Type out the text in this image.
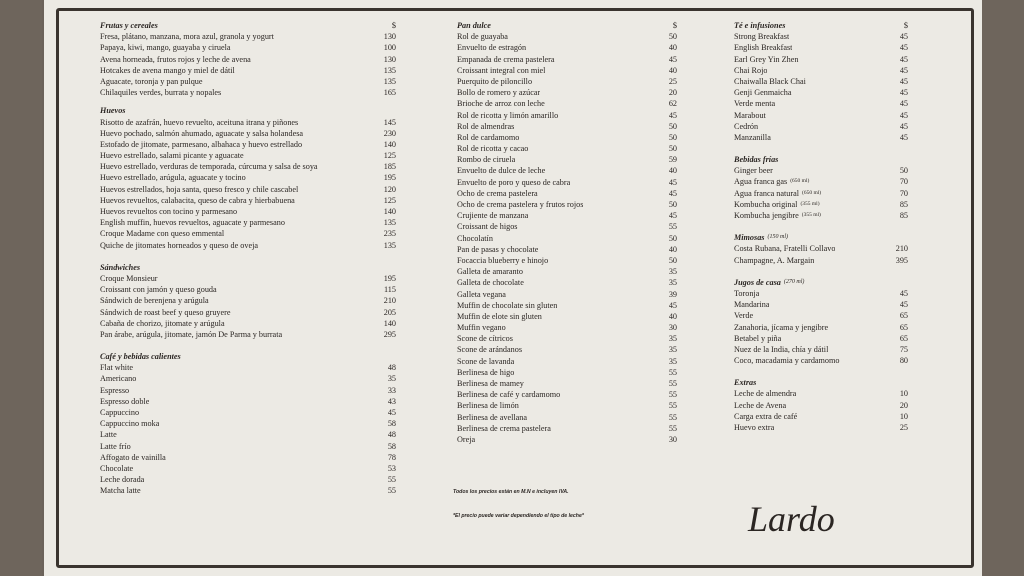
Frutas y cereales	$
Fresa, plátano, manzana, mora azul, granola y yogurt	130
Papaya, kiwi, mango, guayaba y ciruela	100
Avena horneada, frutos rojos y leche de avena	130
Hotcakes de avena mango y miel de dátil	135
Aguacate, toronja y pan pulque	135
Chilaquiles verdes, burrata y nopales	165
Huevos
Risotto de azafrán, huevo revuelto, aceituna itrana y piñones	145
Huevo pochado, salmón ahumado, aguacate y salsa holandesa	230
Estofado de jitomate, parmesano, albahaca y huevo estrellado	140
Huevo estrellado, salami picante y aguacate	125
Huevo estrellado, verduras de temporada, cúrcuma y salsa de soya	185
Huevo estrellado, arúgula, aguacate y tocino	195
Huevos estrellados, hoja santa, queso fresco y chile cascabel	120
Huevos revueltos, calabacita, queso de cabra y hierbabuena	125
Huevos revueltos con tocino y parmesano	140
English muffin, huevos revueltos, aguacate y parmesano	135
Croque Madame con queso emmental	235
Quiche de jitomates horneados y queso de oveja	135
Sándwiches
Croque Monsieur	195
Croissant con jamón y queso gouda	115
Sándwich de berenjena y arúgula	210
Sándwich de roast beef y queso gruyere	205
Cabaña de chorizo, jitomate y arúgula	140
Pan árabe, arúgula, jitomate, jamón De Parma y burrata	295
Café y bebidas calientes
Flat white	48
Americano	35
Espresso	33
Espresso doble	43
Cappuccino	45
Cappuccino moka	58
Latte	48
Latte frío	58
Affogato de vainilla	78
Chocolate	53
Leche dorada	55
Matcha latte	55
Pan dulce	$
Rol de guayaba	50
Envuelto de estragón	40
Empanada de crema pastelera	45
Croissant integral con miel	40
Puerquito de piloncillo	25
Bollo de romero y azúcar	20
Brioche de arroz con leche	62
Rol de ricotta y limón amarillo	45
Rol de almendras	50
Rol de cardamomo	50
Rol de ricotta y cacao	50
Rombo de ciruela	59
Envuelto de dulce de leche	40
Envuelto de poro y queso de cabra	45
Ocho de crema pastelera	45
Ocho de crema pastelera y frutos rojos	50
Crujiente de manzana	45
Croissant de higos	55
Chocolatín	50
Pan de pasas y chocolate	40
Focaccia blueberry e hinojo	50
Galleta de amaranto	35
Galleta de chocolate	35
Galleta vegana	39
Muffin de chocolate sin gluten	45
Muffin de elote sin gluten	40
Muffin vegano	30
Scone de cítricos	35
Scone de arándanos	35
Scone de lavanda	35
Berlinesa de higo	55
Berlinesa de mamey	55
Berlinesa de café y cardamomo	55
Berlinesa de limón	55
Berlinesa de avellana	55
Berlinesa de crema pastelera	55
Oreja	30
Té e infusiones	$
Strong Breakfast	45
English Breakfast	45
Earl Grey Yin Zhen	45
Chai Rojo	45
Chaiwalla Black Chai	45
Genji Genmaicha	45
Verde menta	45
Marabout	45
Cedrón	45
Manzanilla	45
Bebidas frías
Ginger beer	50
Agua franca gas (650 ml)	70
Agua franca natural (650 ml)	70
Kombucha original (355 ml)	85
Kombucha jengibre (355 ml)	85
Mimosas (150 ml)
Costa Rubana, Fratelli Collavo	210
Champagne, A. Margain	395
Jugos de casa (270 ml)
Toronja	45
Mandarina	45
Verde	65
Zanahoria, jícama y jengibre	65
Betabel y piña	65
Nuez de la India, chía y dátil	75
Coco, macadamia y cardamomo	80
Extras
Leche de almendra	10
Leche de Avena	20
Carga extra de café	10
Huevo extra	25
Todos los precios están en M.N e incluyen IVA.
*El precio puede variar dependiendo el tipo de leche*	Lardo
